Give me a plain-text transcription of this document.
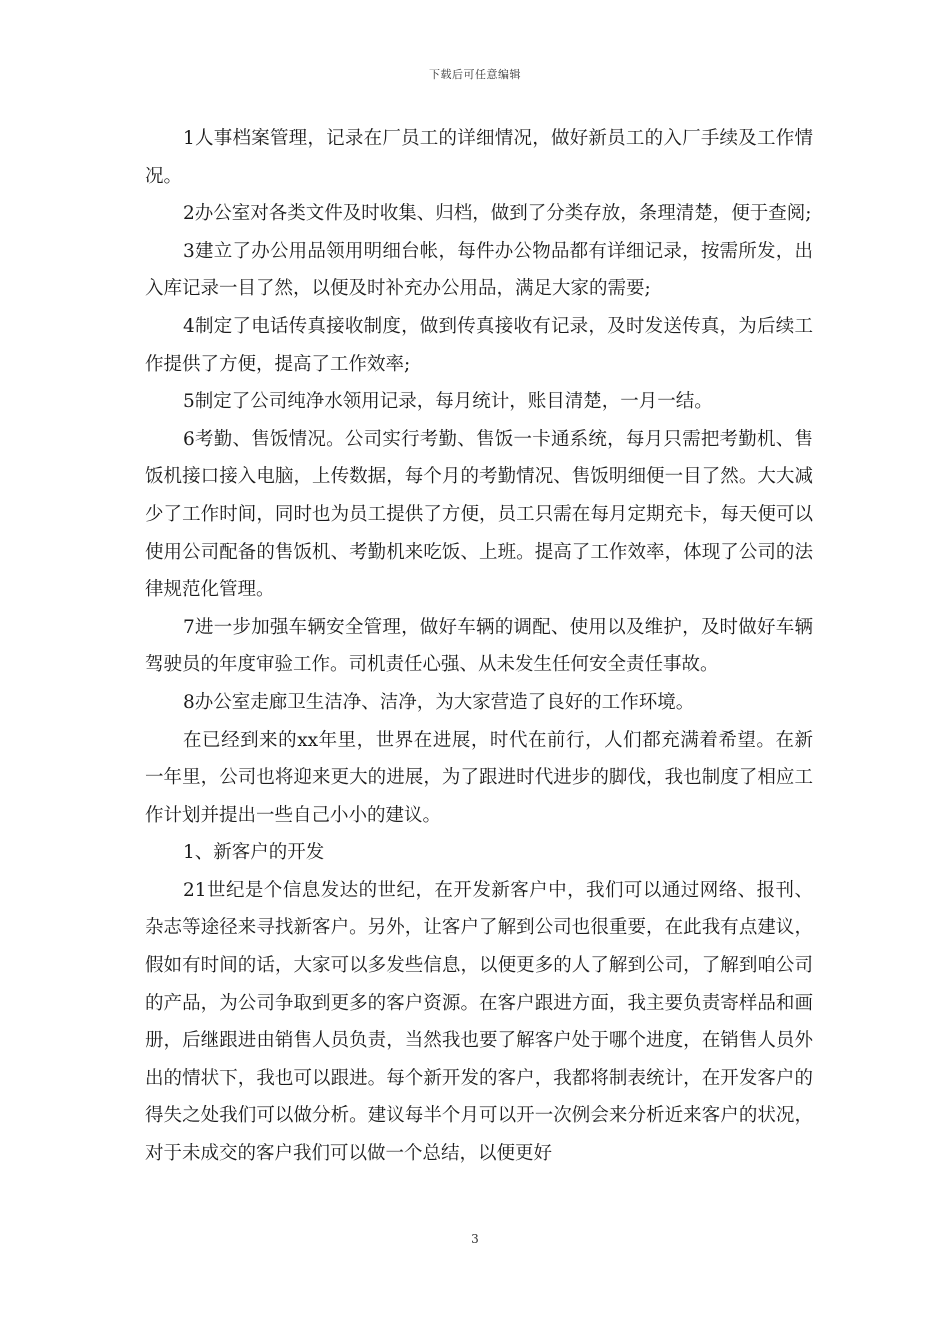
下载后可任意编辑

1人事档案管理，记录在厂员工的详细情况，做好新员工的入厂手续及工作情况。

2办公室对各类文件及时收集、归档，做到了分类存放，条理清楚，便于查阅;

3建立了办公用品领用明细台帐，每件办公物品都有详细记录，按需所发，出入库记录一目了然，以便及时补充办公用品，满足大家的需要;

4制定了电话传真接收制度，做到传真接收有记录，及时发送传真，为后续工作提供了方便，提高了工作效率;

5制定了公司纯净水领用记录，每月统计，账目清楚，一月一结。

6考勤、售饭情况。公司实行考勤、售饭一卡通系统，每月只需把考勤机、售饭机接口接入电脑，上传数据，每个月的考勤情况、售饭明细便一目了然。大大减少了工作时间，同时也为员工提供了方便，员工只需在每月定期充卡，每天便可以使用公司配备的售饭机、考勤机来吃饭、上班。提高了工作效率，体现了公司的法律规范化管理。

7进一步加强车辆安全管理，做好车辆的调配、使用以及维护，及时做好车辆驾驶员的年度审验工作。司机责任心强、从未发生任何安全责任事故。

8办公室走廊卫生洁净、洁净，为大家营造了良好的工作环境。

在已经到来的xx年里，世界在进展，时代在前行，人们都充满着希望。在新一年里，公司也将迎来更大的进展，为了跟进时代进步的脚伐，我也制度了相应工作计划并提出一些自己小小的建议。

1、新客户的开发

21世纪是个信息发达的世纪，在开发新客户中，我们可以通过网络、报刊、杂志等途径来寻找新客户。另外，让客户了解到公司也很重要，在此我有点建议，假如有时间的话，大家可以多发些信息，以便更多的人了解到公司，了解到咱公司的产品，为公司争取到更多的客户资源。在客户跟进方面，我主要负责寄样品和画册，后继跟进由销售人员负责，当然我也要了解客户处于哪个进度，在销售人员外出的情状下，我也可以跟进。每个新开发的客户，我都将制表统计，在开发客户的得失之处我们可以做分析。建议每半个月可以开一次例会来分析近来客户的状况，对于未成交的客户我们可以做一个总结，以便更好

3
